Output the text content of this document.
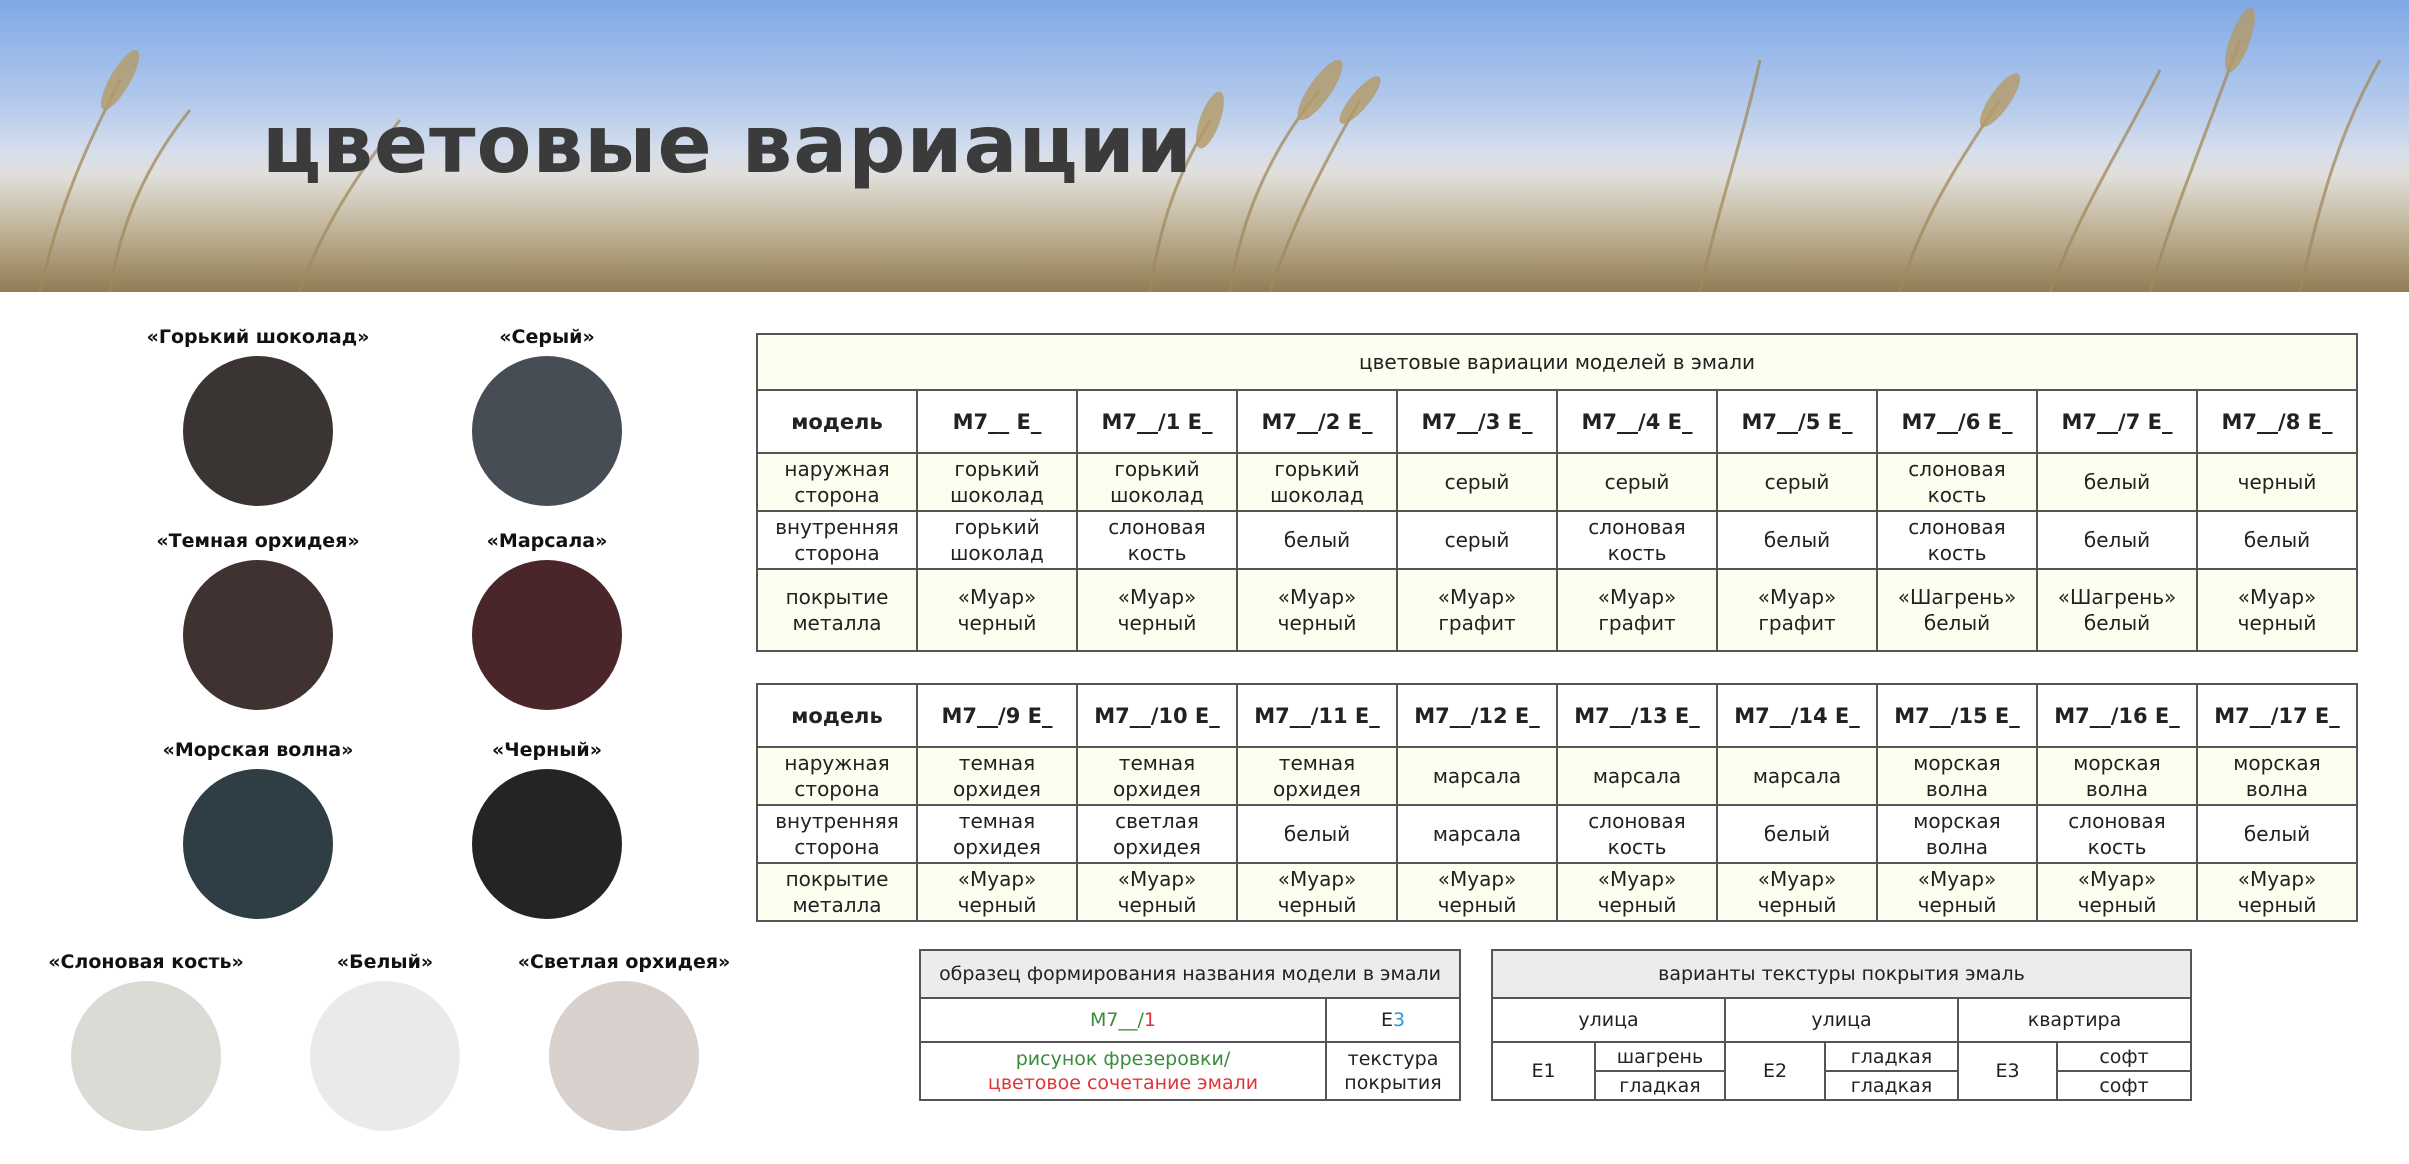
цветовые вариации
«Горький шоколад»	«Серый»
«Темная орхидея»	«Марсала»
«Морская волна»	«Черный»
«Слоновая кость»	«Белый»	«Светлая орхидея»
цветовые вариации моделей в эмали									
модель	M7__ E_	M7__/1 E_	M7__/2 E_	M7__/3 E_	M7__/4 E_	M7__/5 E_	M7__/6 E_	M7__/7 E_	M7__/8 E_
наружная сторона	горький шоколад	горький шоколад	горький шоколад	серый	серый	серый	слоновая кость	белый	черный
внутренняя сторона	горький шоколад	слоновая кость	белый	серый	слоновая кость	белый	слоновая кость	белый	белый
покрытие металла	«Муар» черный	«Муар» черный	«Муар» черный	«Муар» графит	«Муар» графит	«Муар» графит	«Шагрень» белый	«Шагрень» белый	«Муар» черный
модель	M7__/9 E_	M7__/10 E_	M7__/11 E_	M7__/12 E_	M7__/13 E_	M7__/14 E_	M7__/15 E_	M7__/16 E_	M7__/17 E_
наружная сторона	темная орхидея	темная орхидея	темная орхидея	марсала	марсала	марсала	морская волна	морская волна	морская волна
внутренняя сторона	темная орхидея	светлая орхидея	белый	марсала	слоновая кость	белый	морская волна	слоновая кость	белый
покрытие металла	«Муар» черный	«Муар» черный	«Муар» черный	«Муар» черный	«Муар» черный	«Муар» черный	«Муар» черный	«Муар» черный	«Муар» черный
образец формирования названия модели в эмали	
M7__/1	E3

рисунок фрезеровки/
цветовое сочетание эмали	текстура покрытия
варианты текстуры покрытия эмаль					
улица		улица		квартира	
E1	шагрень	E2	гладкая	E3	софт
	гладкая		гладкая		софт
